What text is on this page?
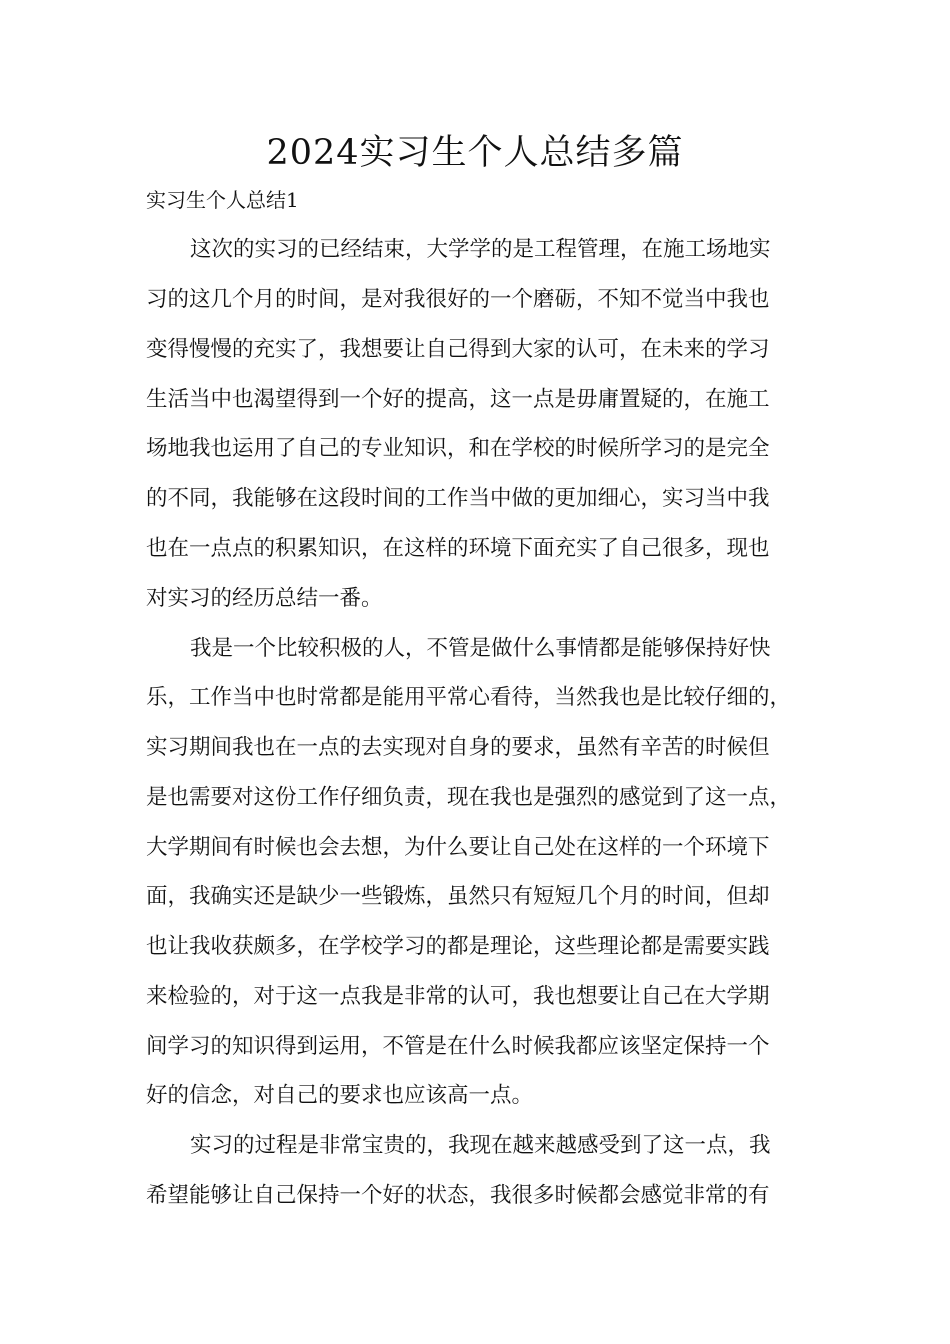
2024实习生个人总结多篇

实习生个人总结1

这次的实习的已经结束，大学学的是工程管理，在施工场地实

习的这几个月的时间，是对我很好的一个磨砺，不知不觉当中我也

变得慢慢的充实了，我想要让自己得到大家的认可，在未来的学习

生活当中也渴望得到一个好的提高，这一点是毋庸置疑的，在施工

场地我也运用了自己的专业知识，和在学校的时候所学习的是完全

的不同，我能够在这段时间的工作当中做的更加细心，实习当中我

也在一点点的积累知识，在这样的环境下面充实了自己很多，现也

对实习的经历总结一番。

我是一个比较积极的人，不管是做什么事情都是能够保持好快

乐，工作当中也时常都是能用平常心看待，当然我也是比较仔细的，

实习期间我也在一点的去实现对自身的要求，虽然有辛苦的时候但

是也需要对这份工作仔细负责，现在我也是强烈的感觉到了这一点，

大学期间有时候也会去想，为什么要让自己处在这样的一个环境下

面，我确实还是缺少一些锻炼，虽然只有短短几个月的时间，但却

也让我收获颇多，在学校学习的都是理论，这些理论都是需要实践

来检验的，对于这一点我是非常的认可，我也想要让自己在大学期

间学习的知识得到运用，不管是在什么时候我都应该坚定保持一个

好的信念，对自己的要求也应该高一点。

实习的过程是非常宝贵的，我现在越来越感受到了这一点，我

希望能够让自己保持一个好的状态，我很多时候都会感觉非常的有
